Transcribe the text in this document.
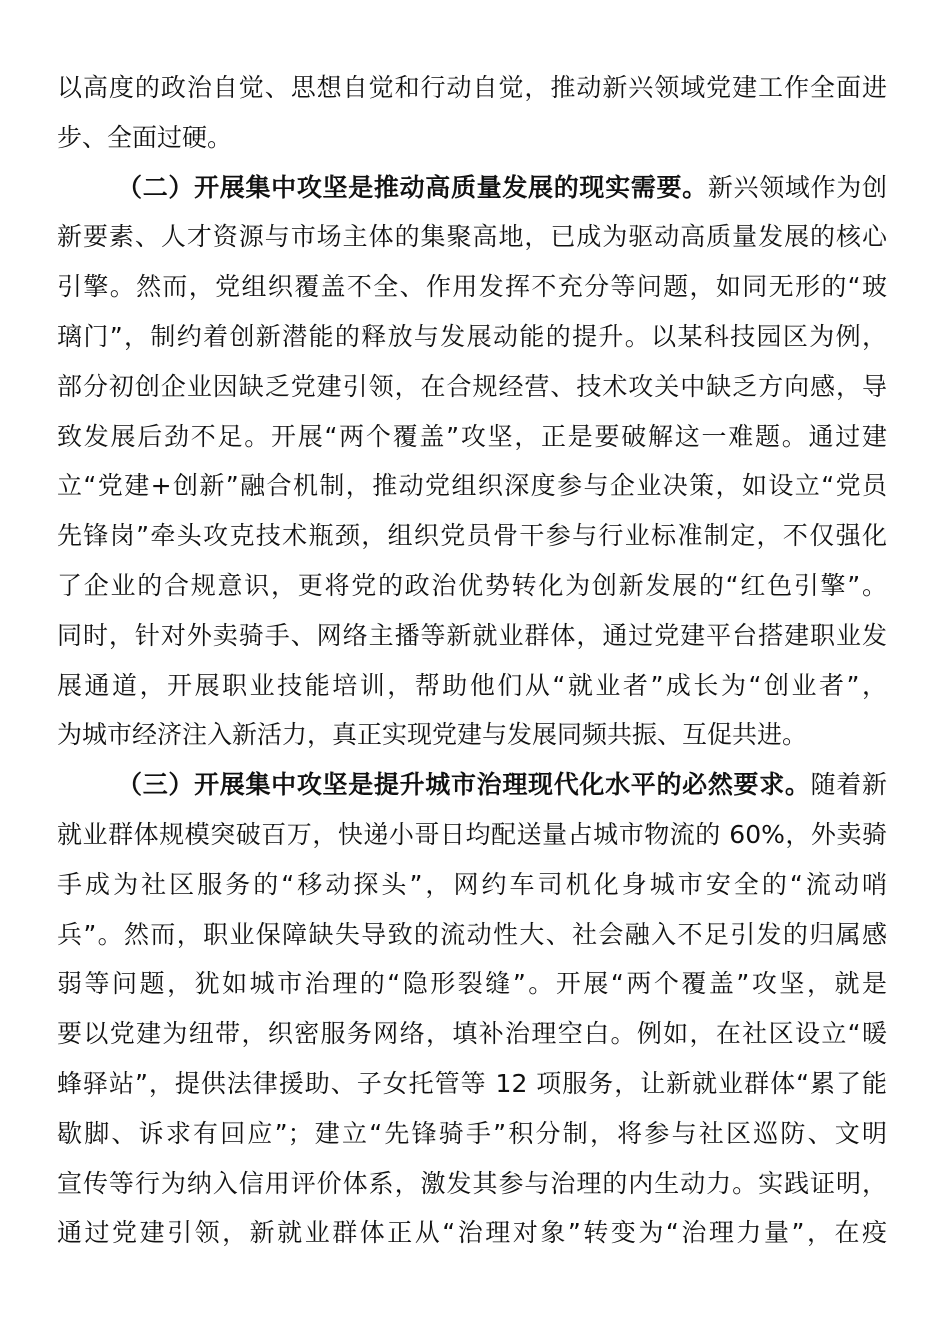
以高度的政治自觉、思想自觉和行动自觉，推动新兴领域党建工作全面进
步、全面过硬。
（二）开展集中攻坚是推动高质量发展的现实需要。新兴领域作为创
新要素、人才资源与市场主体的集聚高地，已成为驱动高质量发展的核心
引擎。然而，党组织覆盖不全、作用发挥不充分等问题，如同无形的“玻
璃门”，制约着创新潜能的释放与发展动能的提升。以某科技园区为例，
部分初创企业因缺乏党建引领，在合规经营、技术攻关中缺乏方向感，导
致发展后劲不足。开展“两个覆盖”攻坚，正是要破解这一难题。通过建
立“党建+创新”融合机制，推动党组织深度参与企业决策，如设立“党员
先锋岗”牵头攻克技术瓶颈，组织党员骨干参与行业标准制定，不仅强化
了企业的合规意识，更将党的政治优势转化为创新发展的“红色引擎”。
同时，针对外卖骑手、网络主播等新就业群体，通过党建平台搭建职业发
展通道，开展职业技能培训，帮助他们从“就业者”成长为“创业者”，
为城市经济注入新活力，真正实现党建与发展同频共振、互促共进。
（三）开展集中攻坚是提升城市治理现代化水平的必然要求。随着新
就业群体规模突破百万，快递小哥日均配送量占城市物流的 60%，外卖骑
手成为社区服务的“移动探头”，网约车司机化身城市安全的“流动哨
兵”。然而，职业保障缺失导致的流动性大、社会融入不足引发的归属感
弱等问题，犹如城市治理的“隐形裂缝”。开展“两个覆盖”攻坚，就是
要以党建为纽带，织密服务网络，填补治理空白。例如，在社区设立“暖
蜂驿站”，提供法律援助、子女托管等 12 项服务，让新就业群体“累了能
歇脚、诉求有回应”；建立“先锋骑手”积分制，将参与社区巡防、文明
宣传等行为纳入信用评价体系，激发其参与治理的内生动力。实践证明，
通过党建引领，新就业群体正从“治理对象”转变为“治理力量”，在疫
